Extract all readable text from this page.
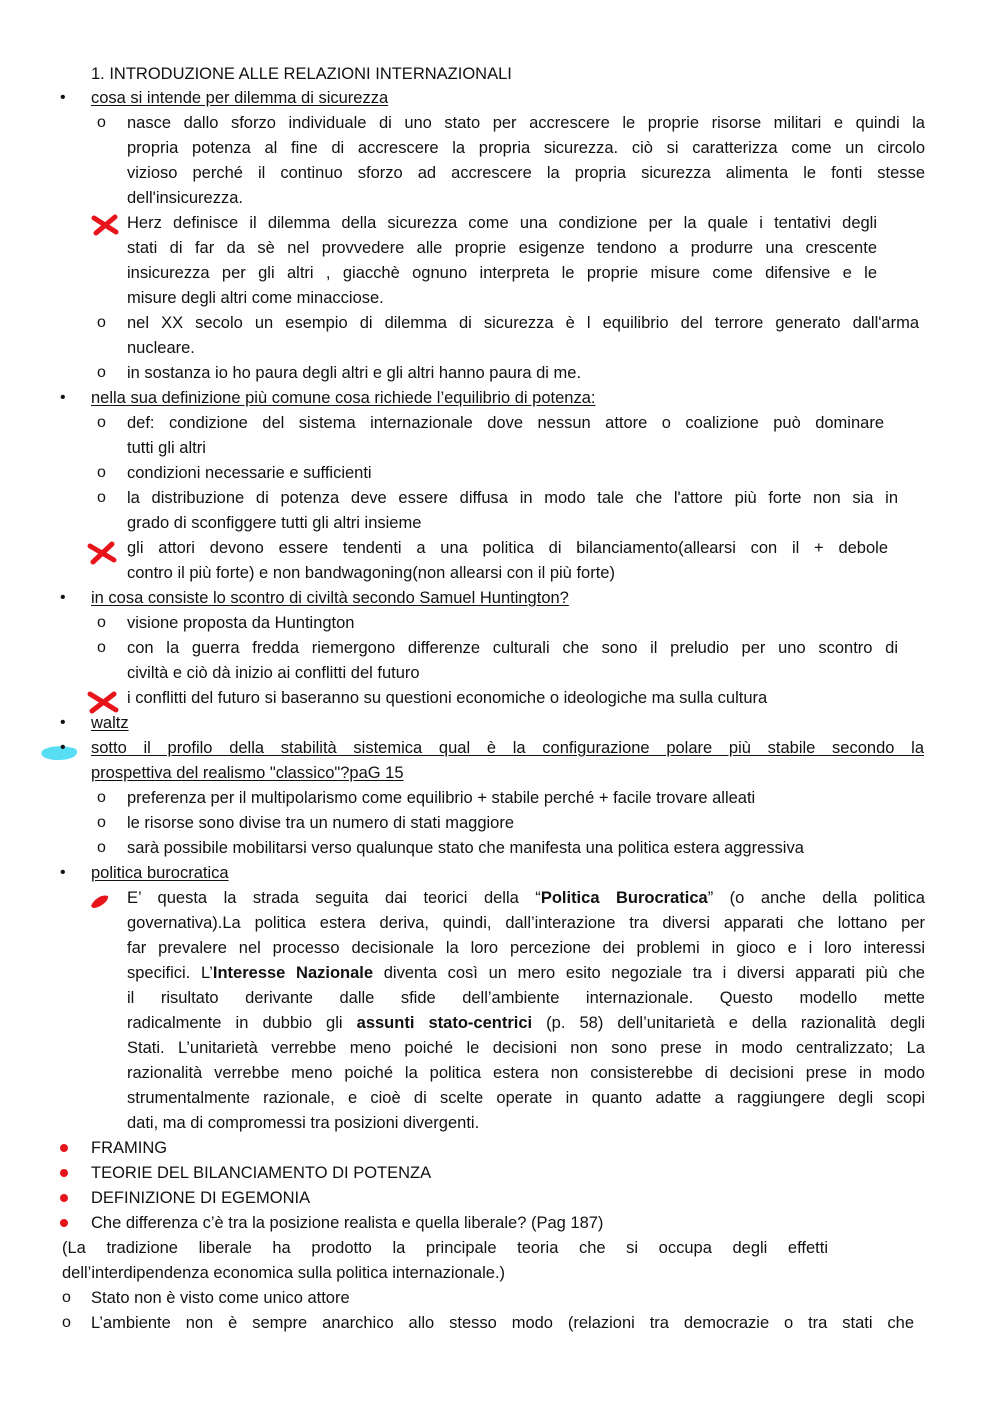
1. INTRODUZIONE ALLE RELAZIONI INTERNAZIONALI
• cosa si intende per dilemma di sicurezza
o nasce dallo sforzo individuale di uno stato per accrescere le proprie risorse militari e quindi la
propria potenza al fine di accrescere la propria sicurezza. ciò si caratterizza come un circolo
vizioso perché il continuo sforzo ad accrescere la propria sicurezza alimenta le fonti stesse
dell'insicurezza.
Herz definisce il dilemma della sicurezza come una condizione per la quale i tentativi degli
stati di far da sè nel provvedere alle proprie esigenze tendono a produrre una crescente
insicurezza per gli altri , giacchè ognuno interpreta le proprie misure come difensive e le
misure degli altri come minacciose.
o nel XX secolo un esempio di dilemma di sicurezza è l equilibrio del terrore generato dall'arma
nucleare.
o in sostanza io ho paura degli altri e gli altri hanno paura di me.
• nella sua definizione più comune cosa richiede l’equilibrio di potenza:
o def: condizione del sistema internazionale dove nessun attore o coalizione può dominare
tutti gli altri
o condizioni necessarie e sufficienti
o la distribuzione di potenza deve essere diffusa in modo tale che l'attore più forte non sia in
grado di sconfiggere tutti gli altri insieme
gli attori devono essere tendenti a una politica di bilanciamento(allearsi con il + debole
contro il più forte) e non bandwagoning(non allearsi con il più forte)
• in cosa consiste lo scontro di civiltà secondo Samuel Huntington?
o visione proposta da Huntington
o con la guerra fredda riemergono differenze culturali che sono il preludio per uno scontro di
civiltà e ciò dà inizio ai conflitti del futuro
i conflitti del futuro si baseranno su questioni economiche o ideologiche ma sulla cultura
• waltz
• sotto il profilo della stabilità sistemica qual è la configurazione polare più stabile secondo la
prospettiva del realismo "classico"?paG 15
o preferenza per il multipolarismo come equilibrio + stabile perché + facile trovare alleati
o le risorse sono divise tra un numero di stati maggiore
o sarà possibile mobilitarsi verso qualunque stato che manifesta una politica estera aggressiva
• politica burocratica
E’ questa la strada seguita dai teorici della “Politica Burocratica” (o anche della politica
governativa).La politica estera deriva, quindi, dall’interazione tra diversi apparati che lottano per
far prevalere nel processo decisionale la loro percezione dei problemi in gioco e i loro interessi
specifici. L’Interesse Nazionale diventa così un mero esito negoziale tra i diversi apparati più che
il risultato derivante dalle sfide dell’ambiente internazionale. Questo modello mette
radicalmente in dubbio gli assunti stato-centrici (p. 58) dell’unitarietà e della razionalità degli
Stati. L’unitarietà verrebbe meno poiché le decisioni non sono prese in modo centralizzato; La
razionalità verrebbe meno poiché la politica estera non consisterebbe di decisioni prese in modo
strumentalmente razionale, e cioè di scelte operate in quanto adatte a raggiungere degli scopi
dati, ma di compromessi tra posizioni divergenti.
FRAMING
TEORIE DEL BILANCIAMENTO DI POTENZA
DEFINIZIONE DI EGEMONIA
Che differenza c’è tra la posizione realista e quella liberale? (Pag 187)
(La tradizione liberale ha prodotto la principale teoria che si occupa degli effetti
dell’interdipendenza economica sulla politica internazionale.)
o Stato non è visto come unico attore
o L’ambiente non è sempre anarchico allo stesso modo (relazioni tra democrazie o tra stati che
